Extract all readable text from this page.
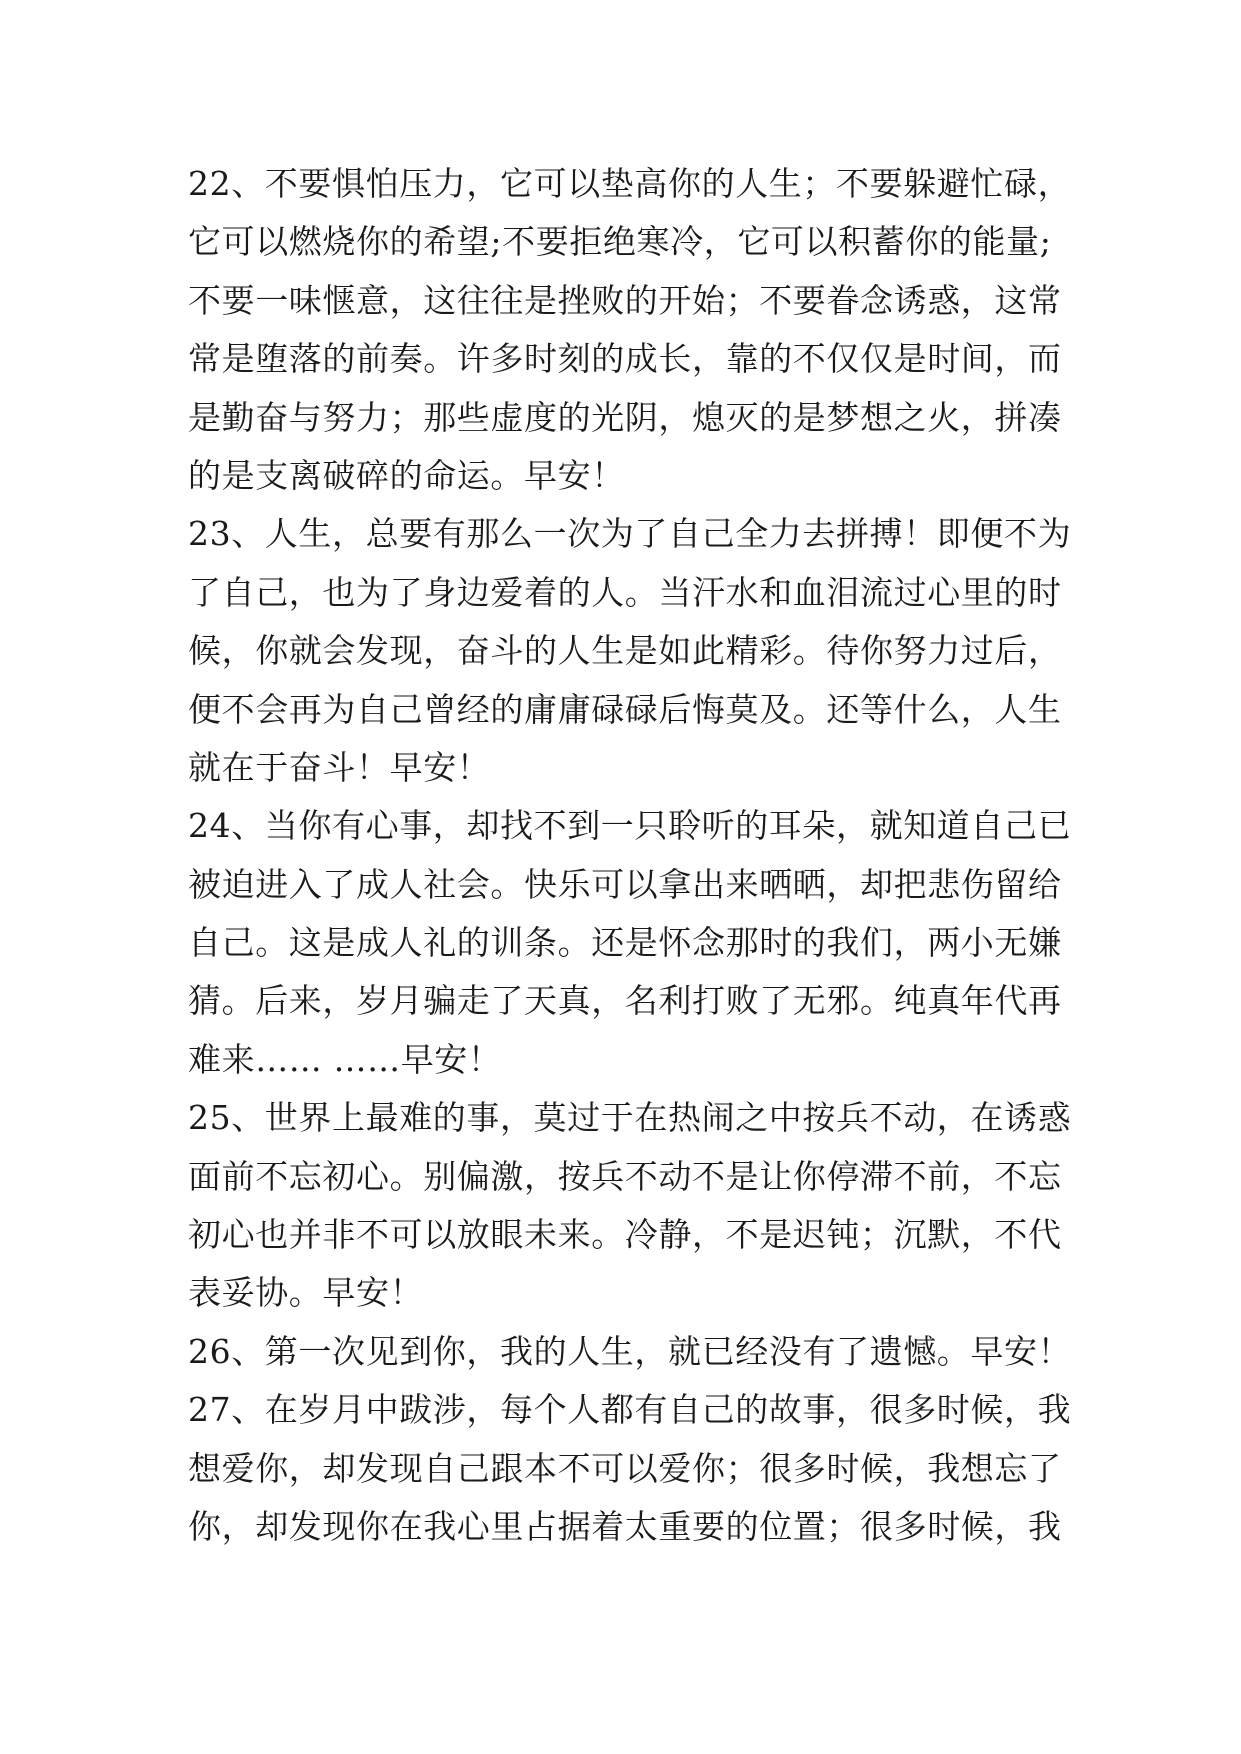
22、不要惧怕压力，它可以垫高你的人生；不要躲避忙碌，
它可以燃烧你的希望;不要拒绝寒冷，它可以积蓄你的能量;
不要一味惬意，这往往是挫败的开始；不要眷念诱惑，这常
常是堕落的前奏。许多时刻的成长，靠的不仅仅是时间，而
是勤奋与努力；那些虚度的光阴，熄灭的是梦想之火，拼凑
的是支离破碎的命运。早安！
23、人生，总要有那么一次为了自己全力去拼搏！即便不为
了自己，也为了身边爱着的人。当汗水和血泪流过心里的时
候，你就会发现，奋斗的人生是如此精彩。待你努力过后，
便不会再为自己曾经的庸庸碌碌后悔莫及。还等什么，人生
就在于奋斗！早安！
24、当你有心事，却找不到一只聆听的耳朵，就知道自己已
被迫进入了成人社会。快乐可以拿出来晒晒，却把悲伤留给
自己。这是成人礼的训条。还是怀念那时的我们，两小无嫌
猜。后来，岁月骗走了天真，名利打败了无邪。纯真年代再
难来…… ……早安！
25、世界上最难的事，莫过于在热闹之中按兵不动，在诱惑
面前不忘初心。别偏激，按兵不动不是让你停滞不前，不忘
初心也并非不可以放眼未来。冷静，不是迟钝；沉默，不代
表妥协。早安！
26、第一次见到你，我的人生，就已经没有了遗憾。早安！
27、在岁月中跋涉，每个人都有自己的故事，很多时候，我
想爱你，却发现自己跟本不可以爱你；很多时候，我想忘了
你，却发现你在我心里占据着太重要的位置；很多时候，我
